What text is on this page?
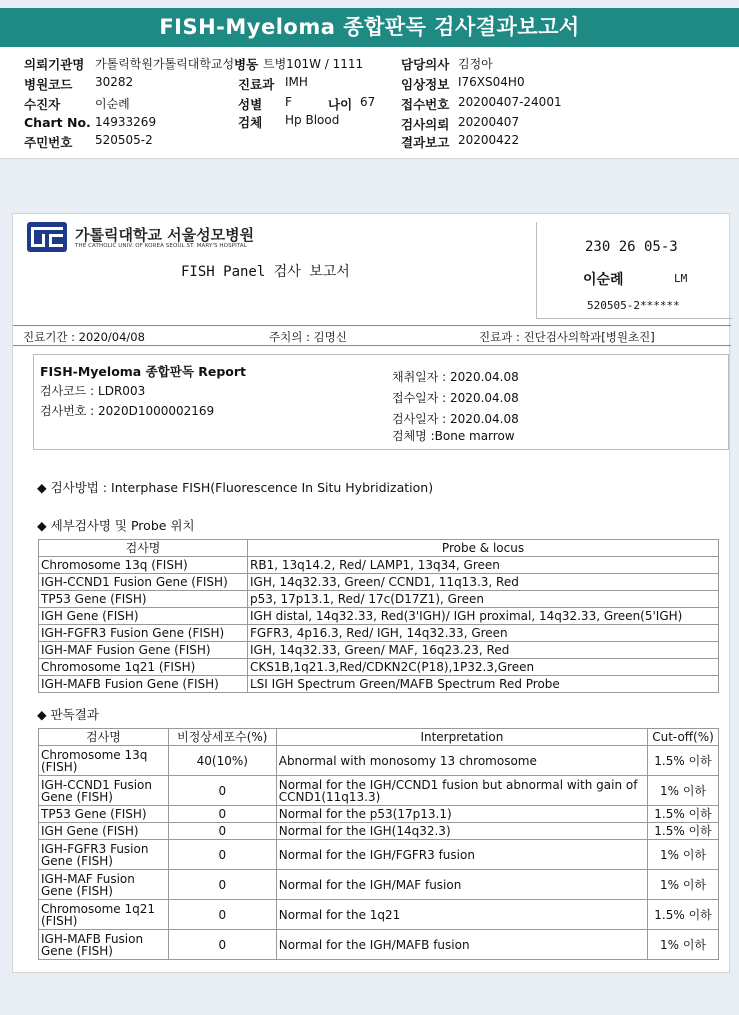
FISH-Myeloma 종합판독 검사결과보고서
의뢰기관명 가톨릭학원가톨릭대학교성 병동 트병101W / 1111	담당의사 김정아
병원코드 30282	진료과 IMH	임상정보 I76XS04H0
수진자	이순례	성별 F	나이 67 접수번호 20200407-24001
Chart No. 14933269	검체 Hp Blood	검사의뢰 20200407
주민번호 520505-2	결과보고 20200422
가톨릭대학교 서울성모병원
THE CATHOLIC UNIV. OF KOREA SEOUL ST. MARY'S HOSPITAL
FISH Panel 검사 보고서
230 26 05-3
이순례	LM
520505-2******
진료기간 : 2020/04/08	주치의 : 김명신	진료과 : 진단검사의학과[병원초진]
FISH-Myeloma 종합판독 Report
검사코드 : LDR003
검사번호 : 2020D1000002169
채취일자 : 2020.04.08
접수일자 : 2020.04.08
검사일자 : 2020.04.08
검체명 :Bone marrow
◆ 검사방법 : Interphase FISH(Fluorescence In Situ Hybridization)
◆ 세부검사명 및 Probe 위치
검사명	Probe & locus
Chromosome 13q (FISH)	RB1, 13q14.2, Red/ LAMP1, 13q34, Green
IGH-CCND1 Fusion Gene (FISH)	IGH, 14q32.33, Green/ CCND1, 11q13.3, Red
TP53 Gene (FISH)	p53, 17p13.1, Red/ 17c(D17Z1), Green
IGH Gene (FISH)	IGH distal, 14q32.33, Red(3'IGH)/ IGH proximal, 14q32.33, Green(5'IGH)
IGH-FGFR3 Fusion Gene (FISH)	FGFR3, 4p16.3, Red/ IGH, 14q32.33, Green
IGH-MAF Fusion Gene (FISH)	IGH, 14q32.33, Green/ MAF, 16q23.23, Red
Chromosome 1q21 (FISH)	CKS1B,1q21.3,Red/CDKN2C(P18),1P32.3,Green
IGH-MAFB Fusion Gene (FISH)	LSI IGH Spectrum Green/MAFB Spectrum Red Probe
◆ 판독결과
검사명	비정상세포수(%)	Interpretation	Cut-off(%)
Chromosome 13q (FISH)	40(10%)	Abnormal with monosomy 13 chromosome	1.5% 이하
IGH-CCND1 Fusion Gene (FISH)	0	Normal for the IGH/CCND1 fusion but abnormal with gain of CCND1(11q13.3)	1% 이하
TP53 Gene (FISH)	0	Normal for the p53(17p13.1)	1.5% 이하
IGH Gene (FISH)	0	Normal for the IGH(14q32.3)	1.5% 이하
IGH-FGFR3 Fusion Gene (FISH)	0	Normal for the IGH/FGFR3 fusion	1% 이하
IGH-MAF Fusion Gene (FISH)	0	Normal for the IGH/MAF fusion	1% 이하
Chromosome 1q21 (FISH)	0	Normal for the 1q21	1.5% 이하
IGH-MAFB Fusion Gene (FISH)	0	Normal for the IGH/MAFB fusion	1% 이하
